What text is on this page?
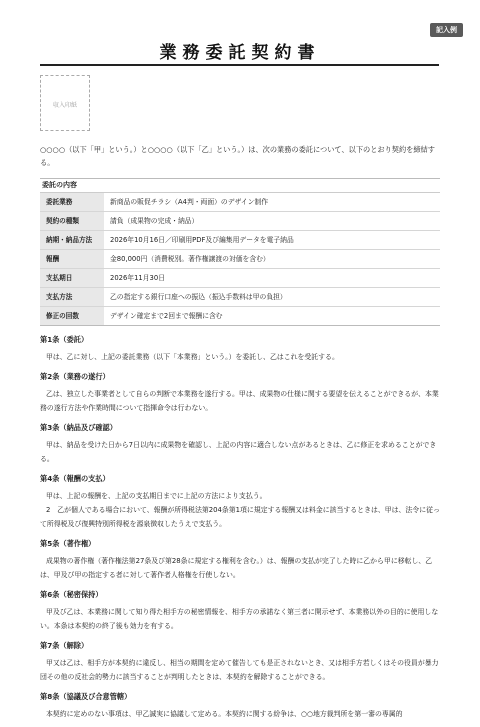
記入例
業務委託契約書
収入印紙
○○○○（以下「甲」という。）と○○○○（以下「乙」という。）は、次の業務の委託について、以下のとおり契約を締結する。
委託の内容
委託業務	新商品の販促チラシ（A4判・両面）のデザイン制作
契約の種類	請負（成果物の完成・納品）
納期・納品方法	2026年10月16日／印刷用PDF及び編集用データを電子納品
報酬	金80,000円（消費税別。著作権譲渡の対価を含む）
支払期日	2026年11月30日
支払方法	乙の指定する銀行口座への振込（振込手数料は甲の負担）
修正の回数	デザイン確定まで2回まで報酬に含む
第1条（委託）

甲は、乙に対し、上記の委託業務（以下「本業務」という。）を委託し、乙はこれを受託する。

第2条（業務の遂行）

乙は、独立した事業者として自らの判断で本業務を遂行する。甲は、成果物の仕様に関する要望を伝えることができるが、本業務の遂行方法や作業時間について指揮命令は行わない。

第3条（納品及び確認）

甲は、納品を受けた日から7日以内に成果物を確認し、上記の内容に適合しない点があるときは、乙に修正を求めることができる。

第4条（報酬の支払）

甲は、上記の報酬を、上記の支払期日までに上記の方法により支払う。

2　乙が個人である場合において、報酬が所得税法第204条第1項に規定する報酬又は料金に該当するときは、甲は、法令に従って所得税及び復興特別所得税を源泉徴収したうえで支払う。

第5条（著作権）

成果物の著作権（著作権法第27条及び第28条に規定する権利を含む。）は、報酬の支払が完了した時に乙から甲に移転し、乙は、甲及び甲の指定する者に対して著作者人格権を行使しない。

第6条（秘密保持）

甲及び乙は、本業務に関して知り得た相手方の秘密情報を、相手方の承諾なく第三者に開示せず、本業務以外の目的に使用しない。本条は本契約の終了後も効力を有する。

第7条（解除）

甲又は乙は、相手方が本契約に違反し、相当の期間を定めて催告しても是正されないとき、又は相手方若しくはその役員が暴力団その他の反社会的勢力に該当することが判明したときは、本契約を解除することができる。

第8条（協議及び合意管轄）

本契約に定めのない事項は、甲乙誠実に協議して定める。本契約に関する紛争は、○○地方裁判所を第一審の専属的
